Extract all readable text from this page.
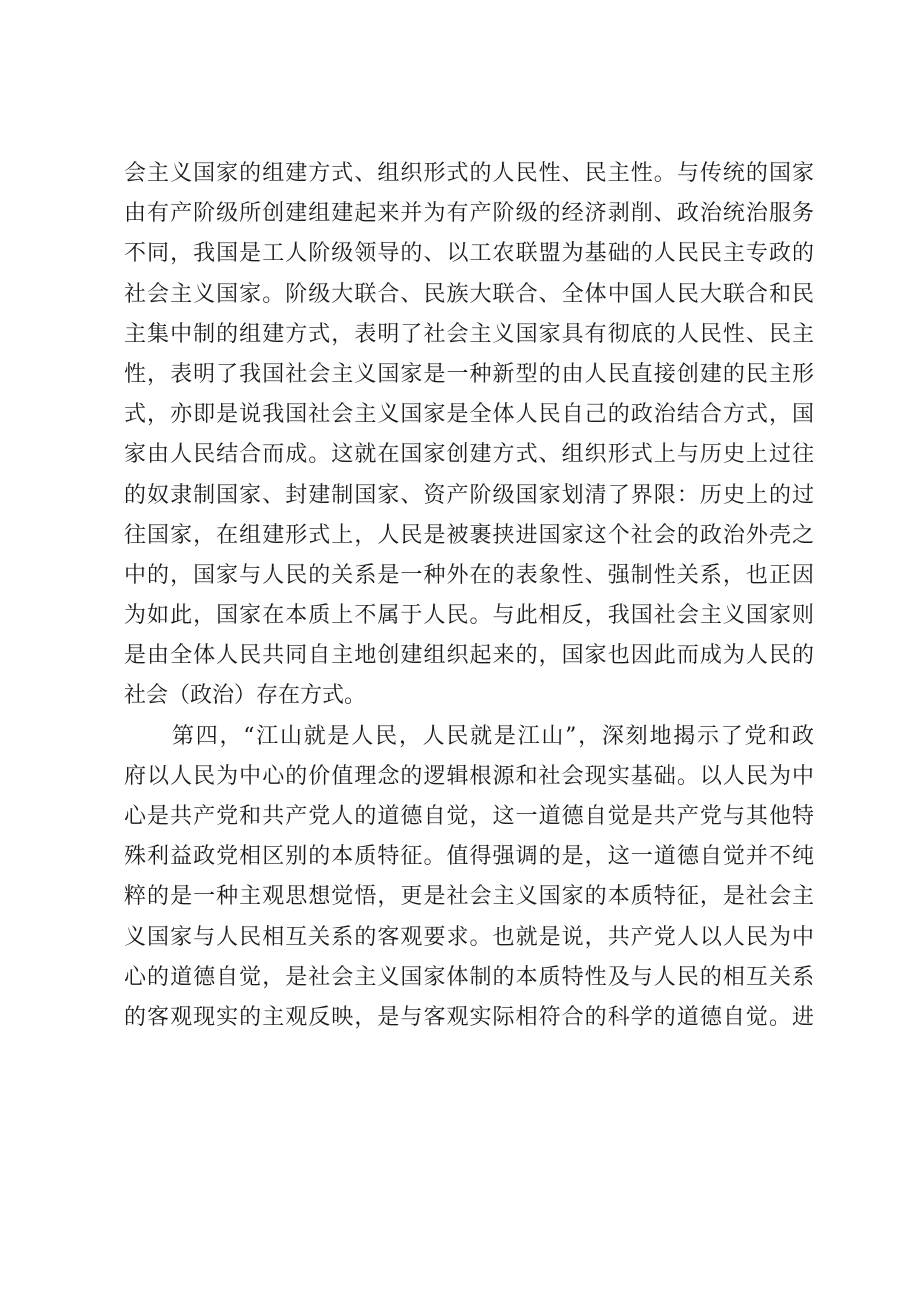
会主义国家的组建方式、组织形式的人民性、民主性。与传统的国家
由有产阶级所创建组建起来并为有产阶级的经济剥削、政治统治服务
不同，我国是工人阶级领导的、以工农联盟为基础的人民民主专政的
社会主义国家。阶级大联合、民族大联合、全体中国人民大联合和民
主集中制的组建方式，表明了社会主义国家具有彻底的人民性、民主
性，表明了我国社会主义国家是一种新型的由人民直接创建的民主形
式，亦即是说我国社会主义国家是全体人民自己的政治结合方式，国
家由人民结合而成。这就在国家创建方式、组织形式上与历史上过往
的奴隶制国家、封建制国家、资产阶级国家划清了界限：历史上的过
往国家，在组建形式上，人民是被裹挟进国家这个社会的政治外壳之
中的，国家与人民的关系是一种外在的表象性、强制性关系，也正因
为如此，国家在本质上不属于人民。与此相反，我国社会主义国家则
是由全体人民共同自主地创建组织起来的，国家也因此而成为人民的
社会（政治）存在方式。
第四，“江山就是人民，人民就是江山”，深刻地揭示了党和政
府以人民为中心的价值理念的逻辑根源和社会现实基础。以人民为中
心是共产党和共产党人的道德自觉，这一道德自觉是共产党与其他特
殊利益政党相区别的本质特征。值得强调的是，这一道德自觉并不纯
粹的是一种主观思想觉悟，更是社会主义国家的本质特征，是社会主
义国家与人民相互关系的客观要求。也就是说，共产党人以人民为中
心的道德自觉，是社会主义国家体制的本质特性及与人民的相互关系
的客观现实的主观反映，是与客观实际相符合的科学的道德自觉。进
